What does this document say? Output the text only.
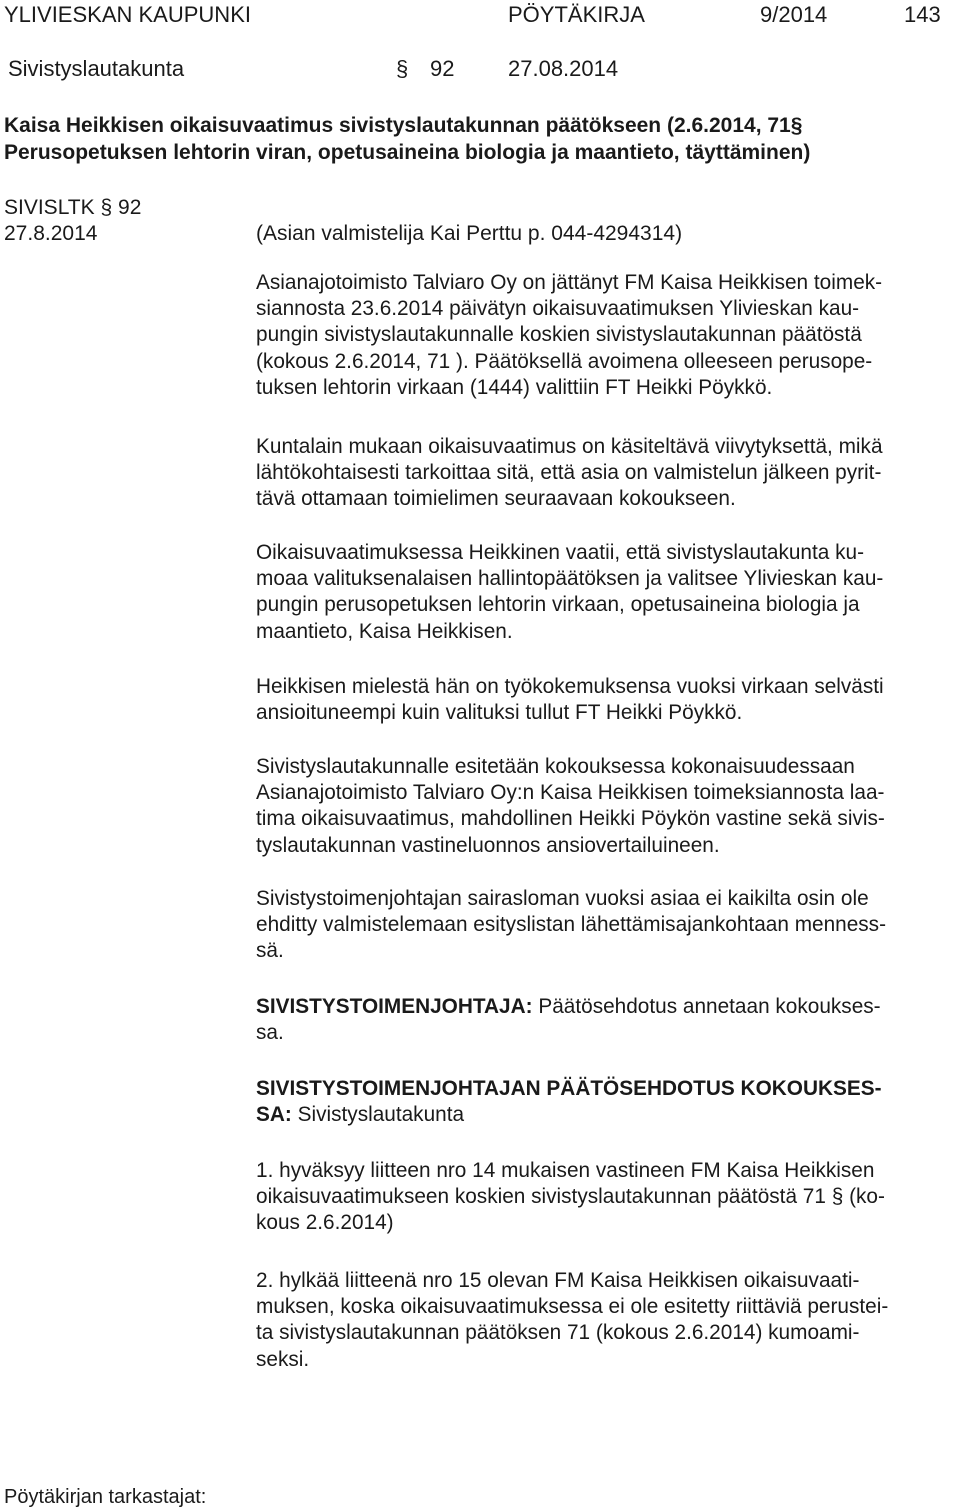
YLIVIESKAN KAUPUNKI	PÖYTÄKIRJA	9/2014	143
Sivistyslautakunta	§ 92 27.08.2014
Kaisa Heikkisen oikaisuvaatimus sivistyslautakunnan päätökseen (2.6.2014, 71§
Perusopetuksen lehtorin viran, opetusaineina biologia ja maantieto, täyttäminen)
SIVISLTK § 92
27.8.2014	(Asian valmistelija Kai Perttu p. 044-4294314)
Asianajotoimisto Talviaro Oy on jättänyt FM Kaisa Heikkisen toimek-
siannosta 23.6.2014 päivätyn oikaisuvaatimuksen Ylivieskan kau-
pungin sivistyslautakunnalle koskien sivistyslautakunnan päätöstä
(kokous 2.6.2014, 71 ). Päätöksellä avoimena olleeseen perusope-
tuksen lehtorin virkaan (1444) valittiin FT Heikki Pöykkö.
Kuntalain mukaan oikaisuvaatimus on käsiteltävä viivytyksettä, mikä
lähtökohtaisesti tarkoittaa sitä, että asia on valmistelun jälkeen pyrit-
tävä ottamaan toimielimen seuraavaan kokoukseen.
Oikaisuvaatimuksessa Heikkinen vaatii, että sivistyslautakunta ku-
moaa valituksenalaisen hallintopäätöksen ja valitsee Ylivieskan kau-
pungin perusopetuksen lehtorin virkaan, opetusaineina biologia ja
maantieto, Kaisa Heikkisen.
Heikkisen mielestä hän on työkokemuksensa vuoksi virkaan selvästi
ansioituneempi kuin valituksi tullut FT Heikki Pöykkö.
Sivistyslautakunnalle esitetään kokouksessa kokonaisuudessaan
Asianajotoimisto Talviaro Oy:n Kaisa Heikkisen toimeksiannosta laa-
tima oikaisuvaatimus, mahdollinen Heikki Pöykön vastine sekä sivis-
tyslautakunnan vastineluonnos ansiovertailuineen.
Sivistystoimenjohtajan sairasloman vuoksi asiaa ei kaikilta osin ole
ehditty valmistelemaan esityslistan lähettämisajankohtaan menness-
sä.
SIVISTYSTOIMENJOHTAJA: Päätösehdotus annetaan kokoukses-
sa.
SIVISTYSTOIMENJOHTAJAN PÄÄTÖSEHDOTUS KOKOUKSES-
SA: Sivistyslautakunta
1. hyväksyy liitteen nro 14 mukaisen vastineen FM Kaisa Heikkisen
oikaisuvaatimukseen koskien sivistyslautakunnan päätöstä 71 § (ko-
kous 2.6.2014)
2. hylkää liitteenä nro 15 olevan FM Kaisa Heikkisen oikaisuvaati-
muksen, koska oikaisuvaatimuksessa ei ole esitetty riittäviä perustei-
ta sivistyslautakunnan päätöksen 71 (kokous 2.6.2014) kumoami-
seksi.
Pöytäkirjan tarkastajat:
